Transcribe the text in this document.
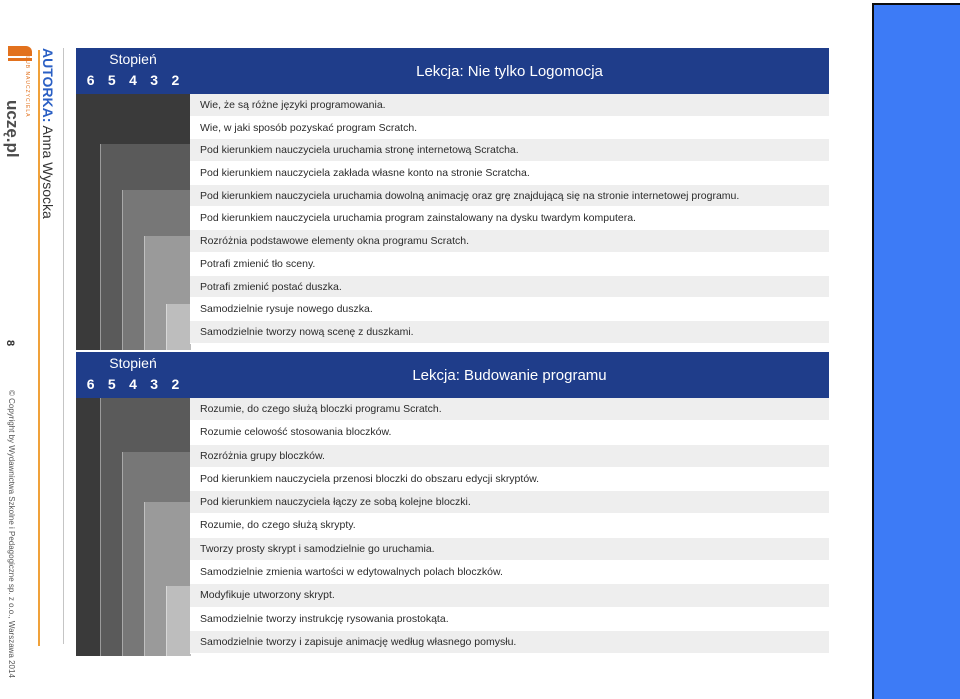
KLUB NAUCZYCIELA
uczę.pl
AUTORKA: Anna Wysocka
8
© Copyright by Wydawnictwa Szkolne i Pedagogiczne sp. z o.o., Warszawa 2014
Stopień
6 5 4 3 2
Lekcja: Nie tylko Logomocja
Wie, że są różne języki programowania.
Wie, w jaki sposób pozyskać program Scratch.
Pod kierunkiem nauczyciela uruchamia stronę internetową Scratcha.
Pod kierunkiem nauczyciela zakłada własne konto na stronie Scratcha.
Pod kierunkiem nauczyciela uruchamia dowolną animację oraz grę znajdującą się na stronie internetowej programu.
Pod kierunkiem nauczyciela uruchamia program zainstalowany na dysku twardym komputera.
Rozróżnia podstawowe elementy okna programu Scratch.
Potrafi zmienić tło sceny.
Potrafi zmienić postać duszka.
Samodzielnie rysuje nowego duszka.
Samodzielnie tworzy nową scenę z duszkami.
Stopień
6 5 4 3 2
Lekcja: Budowanie programu
Rozumie, do czego służą bloczki programu Scratch.
Rozumie celowość stosowania bloczków.
Rozróżnia grupy bloczków.
Pod kierunkiem nauczyciela przenosi bloczki do obszaru edycji skryptów.
Pod kierunkiem nauczyciela łączy ze sobą kolejne bloczki.
Rozumie, do czego służą skrypty.
Tworzy prosty skrypt i samodzielnie go uruchamia.
Samodzielnie zmienia wartości w edytowalnych polach bloczków.
Modyfikuje utworzony skrypt.
Samodzielnie tworzy instrukcję rysowania prostokąta.
Samodzielnie tworzy i zapisuje animację według własnego pomysłu.
